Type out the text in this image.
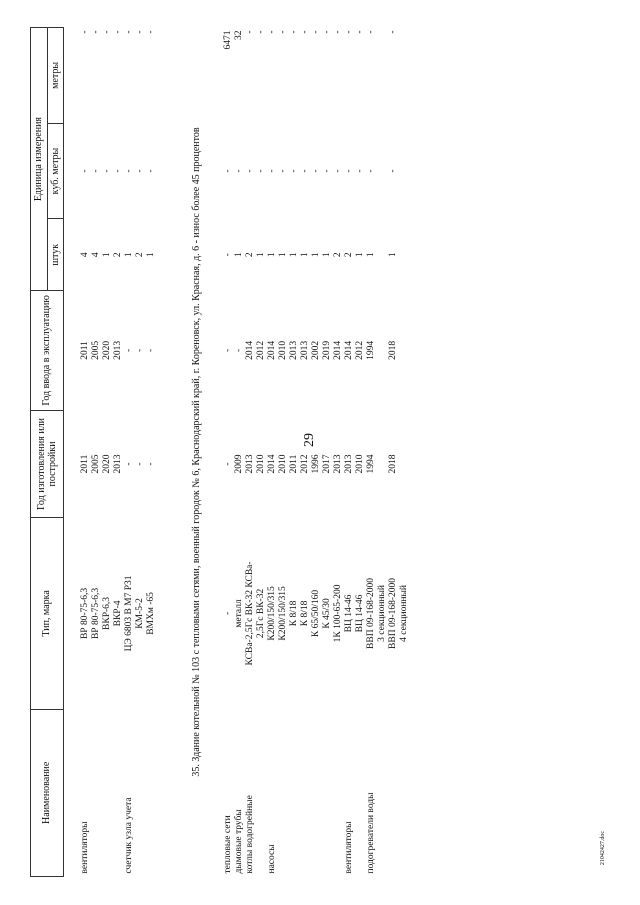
29
21042427.doc
Наименование	Тип, марка	Год изготовления или постройки	Год ввода в эксплуатацию	Единица измерения		
				штук	куб. метры	метры
вентиляторы	ВР 80-75-6,3	2011	2011	4	-	-
	ВР 80-75-6,3	2005	2005	4	-	-
	ВКР-6,3	2020	2020	1	-	-
	ВКР-4	2013	2013	2	-	-
счетчик узла учета	ЦЭ 6803 В М7 Р31	-	-	1	-	-
	КМ-5-2	-	-	2	-	-
	ВМХм -65	-	-	1	-	-

35. Здание котельной № 103 с тепловыми сетями, военный городок № 6, Краснодарский край, г. Кореновск, ул. Красная, д. 6 - износ более 45 процентов						
тепловые сети	-	-	-	-	-	6471
дымовые трубы	металл	2009	-	1	-	32
котлы водогрейные	КСВа-2,5Гс ВК-32 КСВа-	2013	2014	2	-	-
	2,5Гс ВК-32	2010	2012	1	-	-
насосы	К200/150/315	2014	2014	1	-	-
	К200/150/315	2010	2010	1	-	-
	К 8/18	2011	2013	1	-	-
	К 8/18	2012	2013	1	-	-
	К 65/50/160	1996	2002	1	-	-
	К 45/30	2017	2019	1	-	-
	1К 100-65-200	2013	2014	2	-	-
вентиляторы	ВЦ 14-46	2013	2014	2	-	-
	ВЦ 14-46	2010	2012	1	-	-
подогреватели воды	ВВП 09-168-2000	1994	1994	1	-	-
	3 секционный					
	ВВП 09-168-2000	2018	2018	1	-	-
	4 секционный					
